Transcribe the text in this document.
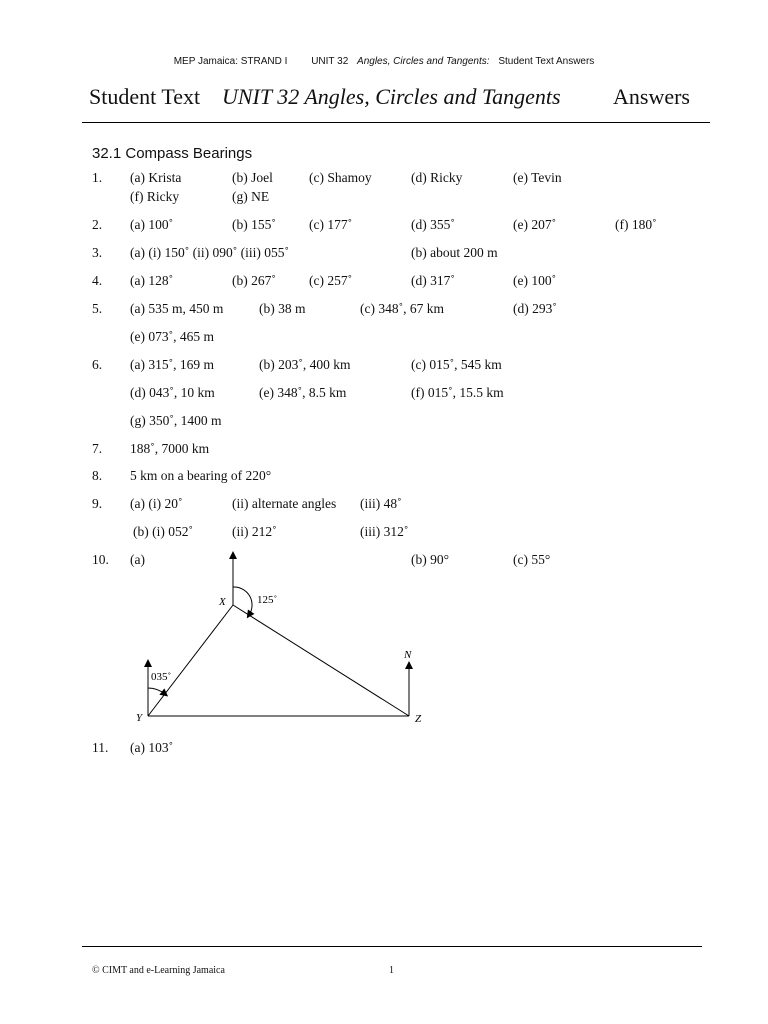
MEP Jamaica: STRAND I UNIT 32 Angles, Circles and Tangents: Student Text Answers
Student Text UNIT 32 Angles, Circles and Tangents Answers
32.1 Compass Bearings
1. (a) Krista	(b) Joel	(c) Shamoy	(d) Ricky	(e) Tevin
(f) Ricky	(g) NE
2. (a) 100˚	(b) 155˚ (c) 177˚	(d) 355˚	(e) 207˚	(f) 180˚
3. (a) (i) 150˚ (ii) 090˚ (iii) 055˚	(b) about 200 m
4. (a) 128˚	(b) 267˚ (c) 257˚	(d) 317˚	(e) 100˚
5. (a) 535 m, 450 m	(b) 38 m	(c) 348˚, 67 km	(d) 293˚
(e) 073˚, 465 m
6. (a) 315˚, 169 m	(b) 203˚, 400 km	(c) 015˚, 545 km
(d) 043˚, 10 km	(e) 348˚, 8.5 km	(f) 015˚, 15.5 km
(g) 350˚, 1400 m
7. 188˚, 7000 km
8. 5 km on a bearing of 220°
9. (a) (i) 20˚	(ii) alternate angles (iii) 48˚
(b) (i) 052˚	(ii) 212˚	(iii) 312˚
10. (a)	(b) 90°	(c) 55°
X
Y	Z
N
125˚
035˚
11. (a) 103˚
© CIMT and e-Learning Jamaica	1
